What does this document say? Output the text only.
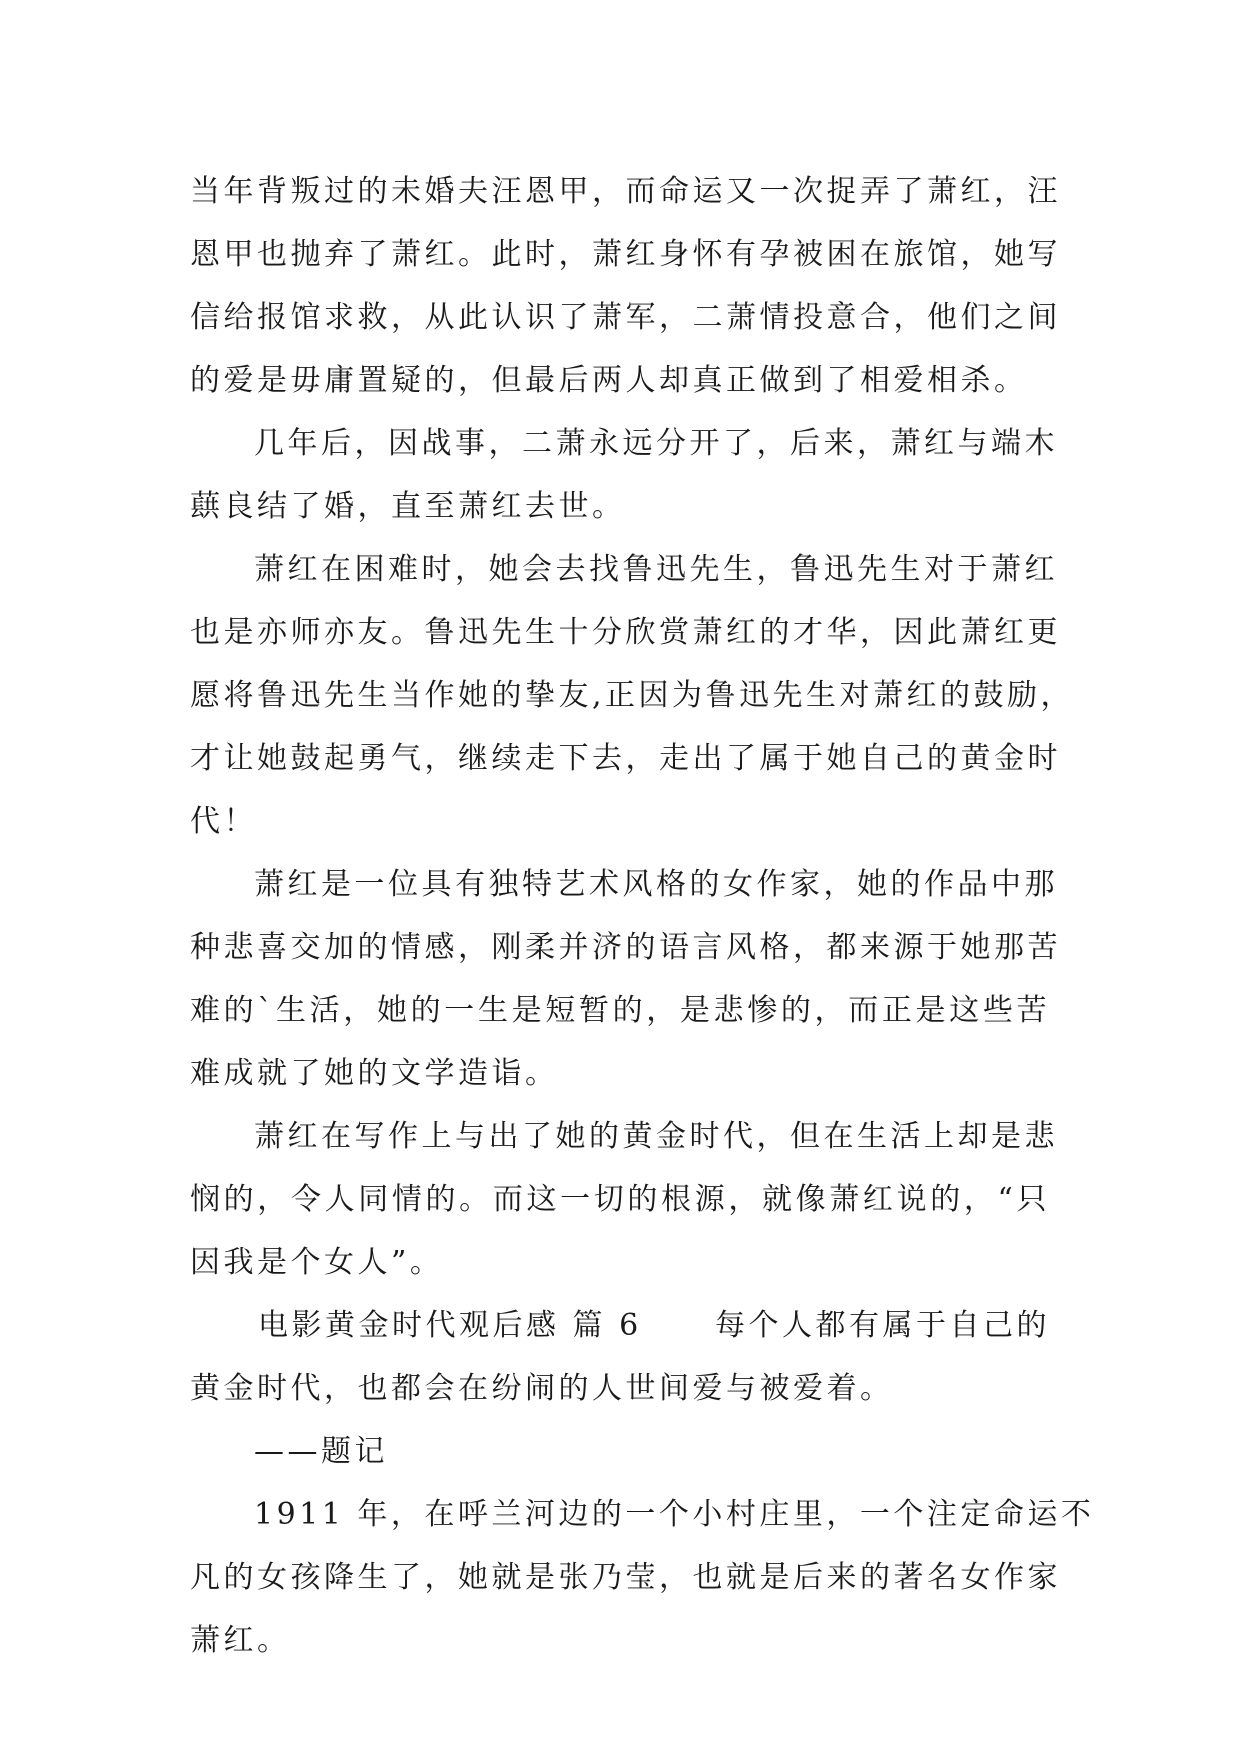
当年背叛过的未婚夫汪恩甲，而命运又一次捉弄了萧红，汪
恩甲也抛弃了萧红。此时，萧红身怀有孕被困在旅馆，她写
信给报馆求救，从此认识了萧军，二萧情投意合，他们之间
的爱是毋庸置疑的，但最后两人却真正做到了相爱相杀。

几年后，因战事，二萧永远分开了，后来，萧红与端木
蕻良结了婚，直至萧红去世。

萧红在困难时，她会去找鲁迅先生，鲁迅先生对于萧红
也是亦师亦友。鲁迅先生十分欣赏萧红的才华，因此萧红更
愿将鲁迅先生当作她的挚友,正因为鲁迅先生对萧红的鼓励，
才让她鼓起勇气，继续走下去，走出了属于她自己的黄金时
代！

萧红是一位具有独特艺术风格的女作家，她的作品中那
种悲喜交加的情感，刚柔并济的语言风格，都来源于她那苦
难的`生活，她的一生是短暂的，是悲惨的，而正是这些苦
难成就了她的文学造诣。

萧红在写作上与出了她的黄金时代，但在生活上却是悲
悯的，令人同情的。而这一切的根源，就像萧红说的，“只
因我是个女人”。

电影黄金时代观后感 篇 6 每个人都有属于自己的
黄金时代，也都会在纷闹的人世间爱与被爱着。

——题记

1911 年，在呼兰河边的一个小村庄里，一个注定命运不
凡的女孩降生了，她就是张乃莹，也就是后来的著名女作家
萧红。
